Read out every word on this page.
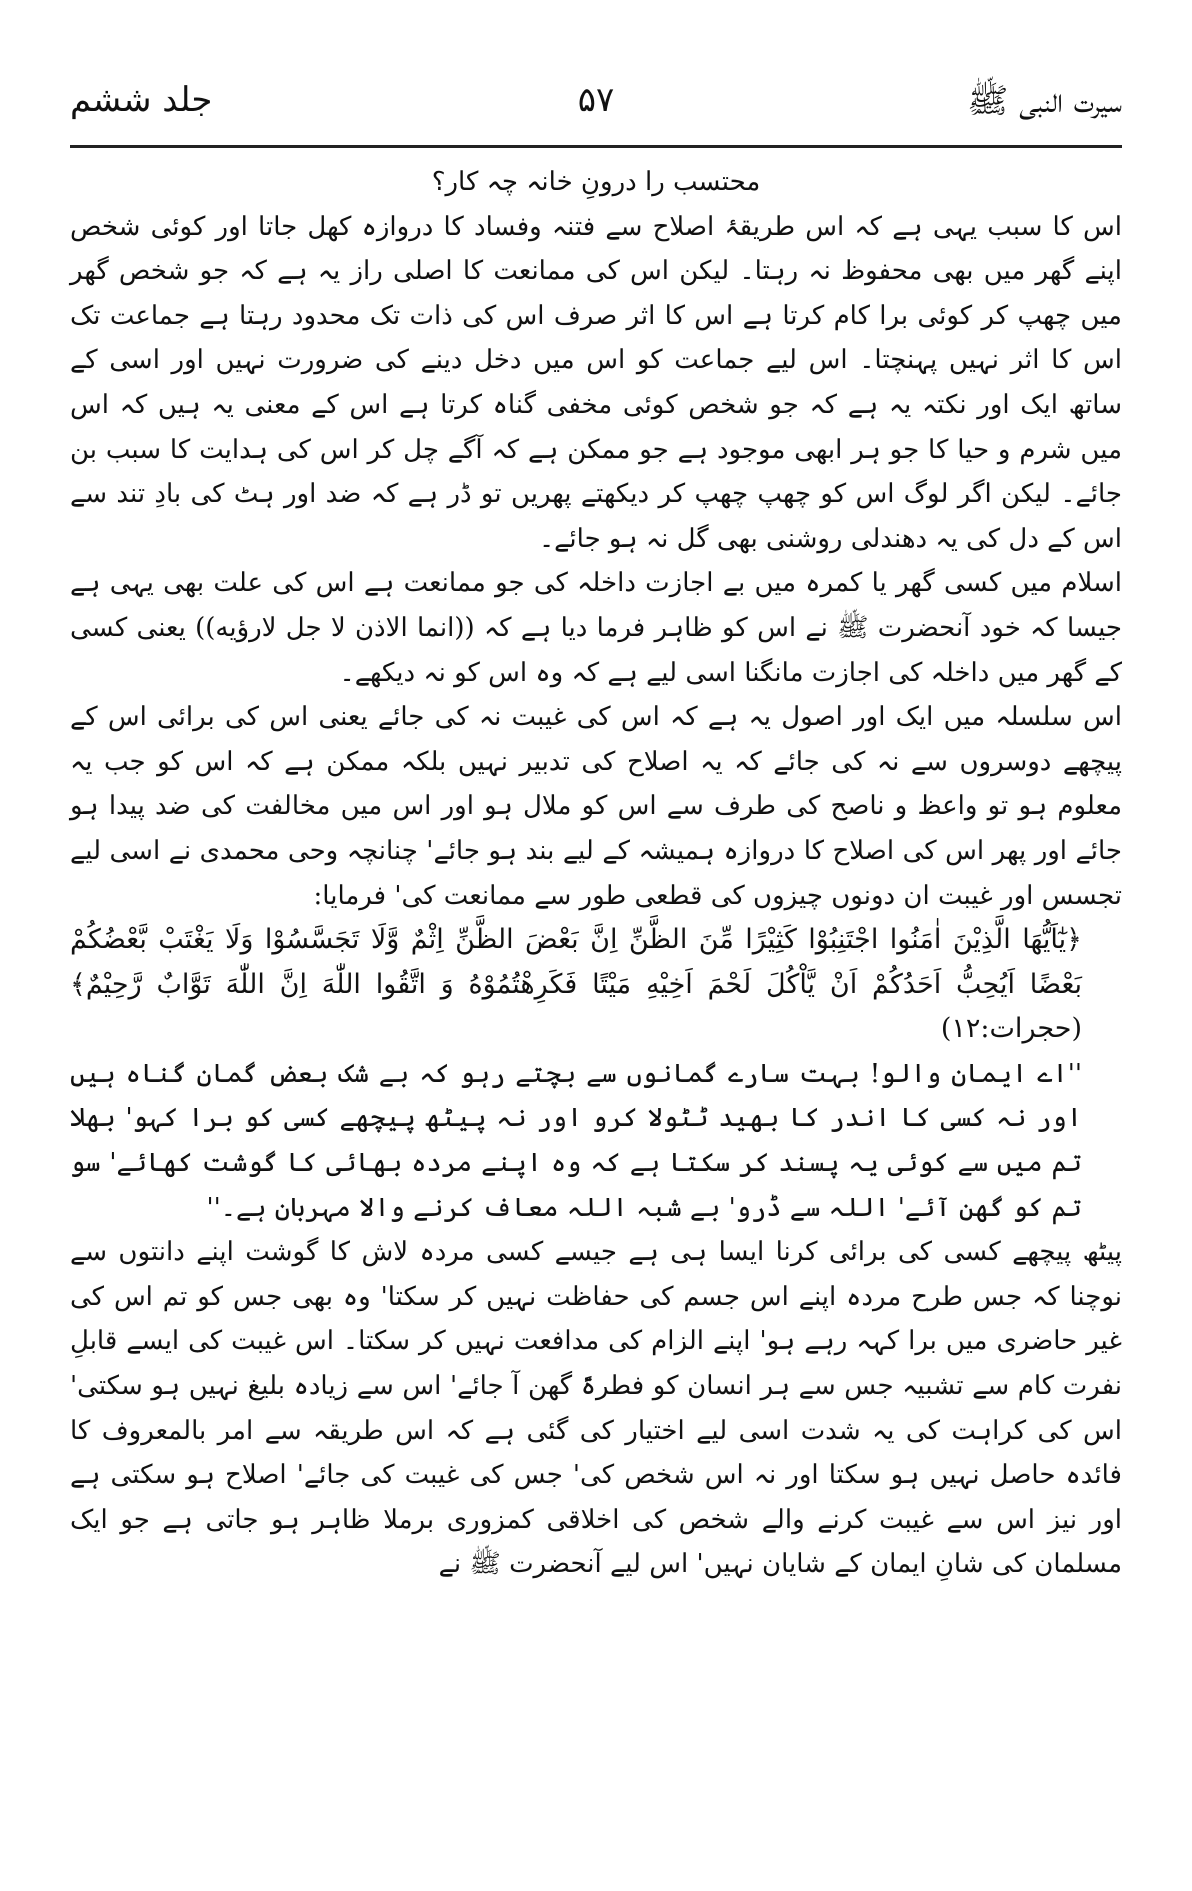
سیرت النبی ﷺ
۵۷
جلد ششم

محتسب را درونِ خانہ چہ کار؟

اس کا سبب یہی ہے کہ اس طریقۂ اصلاح سے فتنہ وفساد کا دروازہ کھل جاتا اور کوئی شخص اپنے گھر میں بھی محفوظ نہ رہتا۔ لیکن اس کی ممانعت کا اصلی راز یہ ہے کہ جو شخص گھر میں چھپ کر کوئی برا کام کرتا ہے اس کا اثر صرف اس کی ذات تک محدود رہتا ہے جماعت تک اس کا اثر نہیں پہنچتا۔ اس لیے جماعت کو اس میں دخل دینے کی ضرورت نہیں اور اسی کے ساتھ ایک اور نکتہ یہ ہے کہ جو شخص کوئی مخفی گناہ کرتا ہے اس کے معنی یہ ہیں کہ اس میں شرم و حیا کا جو ہر ابھی موجود ہے جو ممکن ہے کہ آگے چل کر اس کی ہدایت کا سبب بن جائے۔ لیکن اگر لوگ اس کو چھپ چھپ کر دیکھتے پھریں تو ڈر ہے کہ ضد اور ہٹ کی بادِ تند سے اس کے دل کی یہ دھندلی روشنی بھی گل نہ ہو جائے۔

اسلام میں کسی گھر یا کمرہ میں بے اجازت داخلہ کی جو ممانعت ہے اس کی علت بھی یہی ہے جیسا کہ خود آنحضرت ﷺ نے اس کو ظاہر فرما دیا ہے کہ ((انما الاذن لا جل لارؤیه)) یعنی کسی کے گھر میں داخلہ کی اجازت مانگنا اسی لیے ہے کہ وہ اس کو نہ دیکھے۔

اس سلسلہ میں ایک اور اصول یہ ہے کہ اس کی غیبت نہ کی جائے یعنی اس کی برائی اس کے پیچھے دوسروں سے نہ کی جائے کہ یہ اصلاح کی تدبیر نہیں بلکہ ممکن ہے کہ اس کو جب یہ معلوم ہو تو واعظ و ناصح کی طرف سے اس کو ملال ہو اور اس میں مخالفت کی ضد پیدا ہو جائے اور پھر اس کی اصلاح کا دروازہ ہمیشہ کے لیے بند ہو جائے' چنانچہ وحی محمدی نے اسی لیے تجسس اور غیبت ان دونوں چیزوں کی قطعی طور سے ممانعت کی' فرمایا:

﴿يٰٓاَيُّهَا الَّذِيْنَ اٰمَنُوا اجْتَنِبُوْا كَثِيْرًا مِّنَ الظَّنِّ اِنَّ بَعْضَ الظَّنِّ اِثْمٌ وَّلَا تَجَسَّسُوْا وَلَا يَغْتَبْ بَّعْضُكُمْ بَعْضًا اَيُحِبُّ اَحَدُكُمْ اَنْ يَّاْكُلَ لَحْمَ اَخِيْهِ مَيْتًا فَكَرِهْتُمُوْهُ وَ اتَّقُوا اللّٰهَ اِنَّ اللّٰهَ تَوَّابٌ رَّحِيْمٌ﴾ (حجرات:١٢)

''اے ایمان والو! بہت سارے گمانوں سے بچتے رہو کہ بے شک بعض گمان گناہ ہیں اور نہ کسی کا اندر کا بھید ٹٹولا کرو اور نہ پیٹھ پیچھے کسی کو برا کہو' بھلا تم میں سے کوئی یہ پسند کر سکتا ہے کہ وہ اپنے مردہ بھائی کا گوشت کھائے' سو تم کو گھن آئے' اللہ سے ڈرو' بے شبہ اللہ معاف کرنے والا مہربان ہے۔''

پیٹھ پیچھے کسی کی برائی کرنا ایسا ہی ہے جیسے کسی مردہ لاش کا گوشت اپنے دانتوں سے نوچنا کہ جس طرح مردہ اپنے اس جسم کی حفاظت نہیں کر سکتا' وہ بھی جس کو تم اس کی غیر حاضری میں برا کہہ رہے ہو' اپنے الزام کی مدافعت نہیں کر سکتا۔ اس غیبت کی ایسے قابلِ نفرت کام سے تشبیہ جس سے ہر انسان کو فطرۃً گھن آ جائے' اس سے زیادہ بلیغ نہیں ہو سکتی' اس کی کراہت کی یہ شدت اسی لیے اختیار کی گئی ہے کہ اس طریقہ سے امر بالمعروف کا فائدہ حاصل نہیں ہو سکتا اور نہ اس شخص کی' جس کی غیبت کی جائے' اصلاح ہو سکتی ہے اور نیز اس سے غیبت کرنے والے شخص کی اخلاقی کمزوری برملا ظاہر ہو جاتی ہے جو ایک مسلمان کی شانِ ایمان کے شایان نہیں' اس لیے آنحضرت ﷺ نے
